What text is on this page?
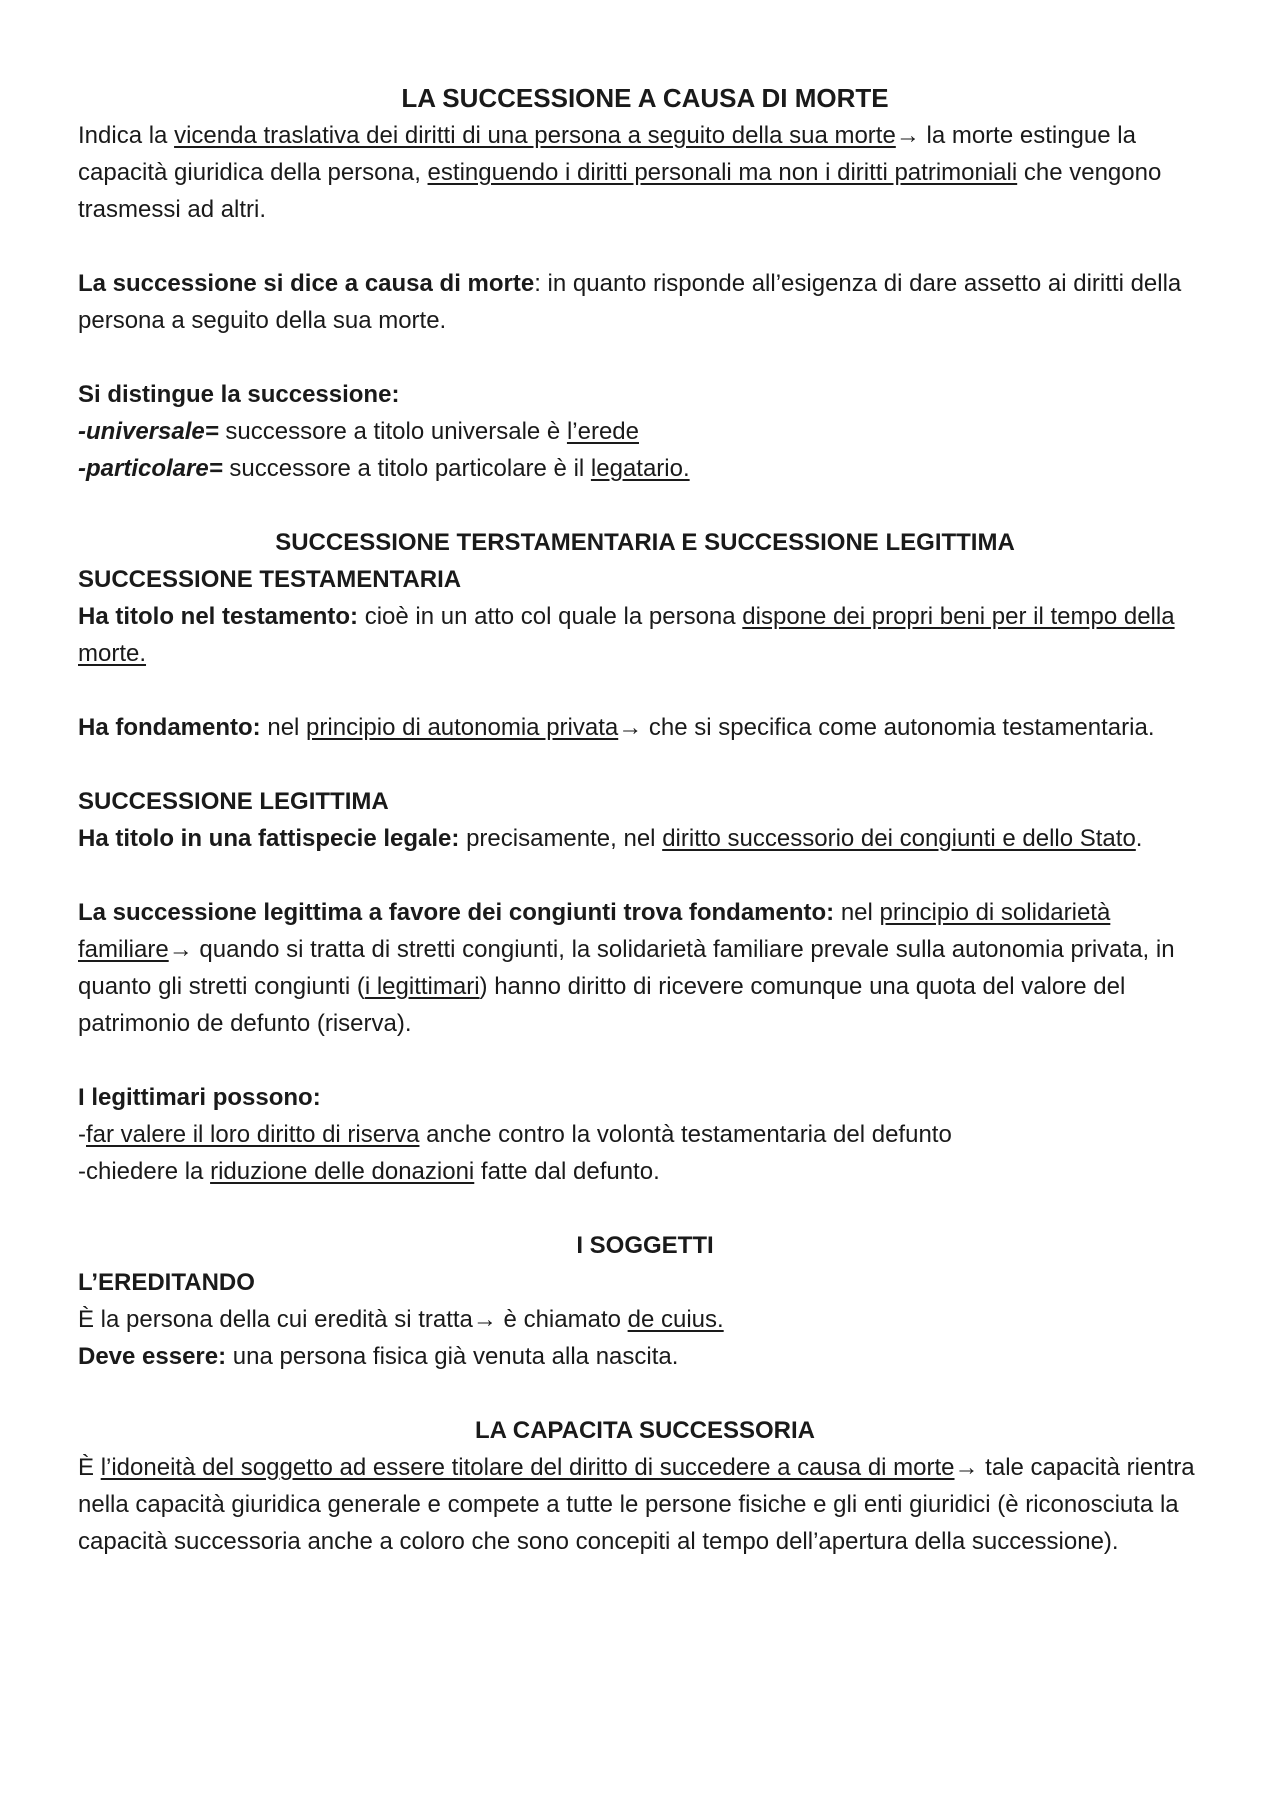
LA SUCCESSIONE A CAUSA DI MORTE

Indica la vicenda traslativa dei diritti di una persona a seguito della sua morte→ la morte estingue la capacità giuridica della persona, estinguendo i diritti personali ma non i diritti patrimoniali che vengono trasmessi ad altri.

La successione si dice a causa di morte: in quanto risponde all’esigenza di dare assetto ai diritti della persona a seguito della sua morte.

Si distingue la successione:

-universale= successore a titolo universale è l’erede

-particolare= successore a titolo particolare è il legatario.

SUCCESSIONE TERSTAMENTARIA E SUCCESSIONE LEGITTIMA

SUCCESSIONE TESTAMENTARIA

Ha titolo nel testamento: cioè in un atto col quale la persona dispone dei propri beni per il tempo della morte.

Ha fondamento: nel principio di autonomia privata→ che si specifica come autonomia testamentaria.

SUCCESSIONE LEGITTIMA

Ha titolo in una fattispecie legale: precisamente, nel diritto successorio dei congiunti e dello Stato.

La successione legittima a favore dei congiunti trova fondamento: nel principio di solidarietà familiare→ quando si tratta di stretti congiunti, la solidarietà familiare prevale sulla autonomia privata, in quanto gli stretti congiunti (i legittimari) hanno diritto di ricevere comunque una quota del valore del patrimonio de defunto (riserva).

I legittimari possono:

-far valere il loro diritto di riserva anche contro la volontà testamentaria del defunto

-chiedere la riduzione delle donazioni fatte dal defunto.

I SOGGETTI

L’EREDITANDO

È la persona della cui eredità si tratta→ è chiamato de cuius.

Deve essere: una persona fisica già venuta alla nascita.

LA CAPACITA SUCCESSORIA

È l’idoneità del soggetto ad essere titolare del diritto di succedere a causa di morte→ tale capacità rientra nella capacità giuridica generale e compete a tutte le persone fisiche e gli enti giuridici (è riconosciuta la capacità successoria anche a coloro che sono concepiti al tempo dell’apertura della successione).
